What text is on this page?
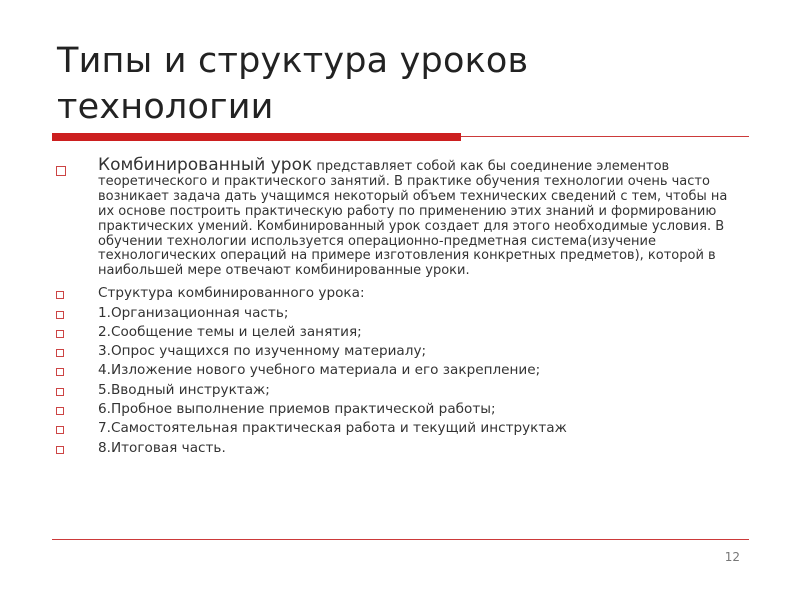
Типы и структура уроков
технологии
Комбинированный урок представляет собой как бы соединение элементов теоретического и практического занятий. В практике обучения технологии очень часто возникает задача дать учащимся некоторый объем технических сведений с тем, чтобы на их основе построить практическую работу по применению этих знаний и формированию практических умений. Комбинированный урок создает для этого необходимые условия. В обучении технологии используется операционно-предметная система(изучение технологических операций на примере изготовления конкретных предметов), которой в наибольшей мере отвечают комбинированные уроки.
Структура комбинированного урока:
1.Организационная часть;
2.Сообщение темы и целей занятия;
3.Опрос учащихся по изученному материалу;
4.Изложение нового учебного материала и его закрепление;
5.Вводный инструктаж;
6.Пробное выполнение приемов практической работы;
7.Самостоятельная практическая работа и текущий инструктаж
8.Итоговая часть.
12
